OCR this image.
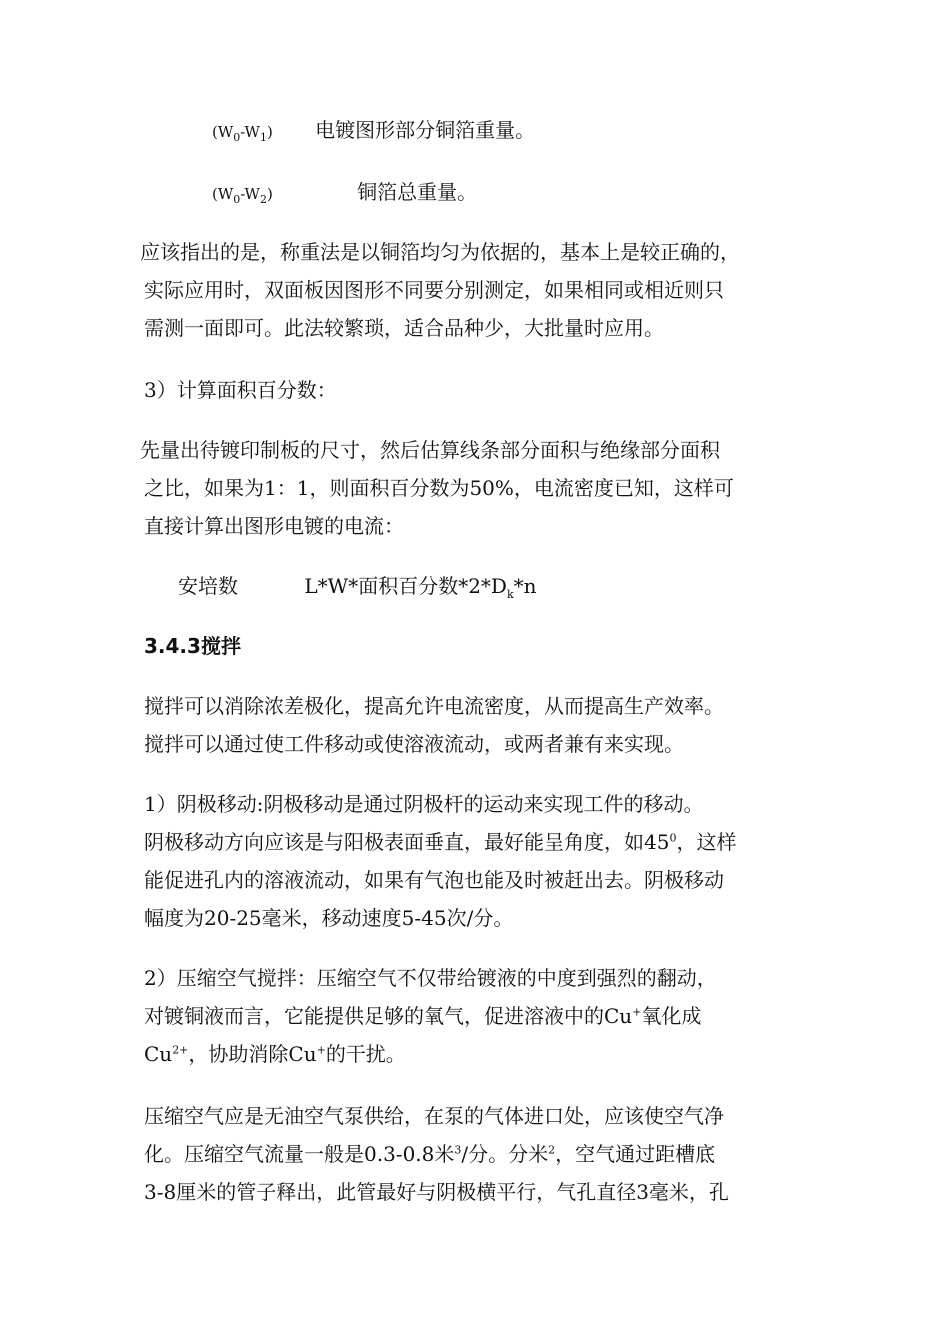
$(W_0-W_1)$ 电镀图形部分铜箔重量。
$(W_0-W_2)$	铜箔总重量。
应该指出的是，称重法是以铜箔均匀为依据的，基本上是较正确的，
实际应用时，双面板因图形不同要分别测定，如果相同或相近则只
需测一面即可。此法较繁琐，适合品种少，大批量时应用。
3）计算面积百分数：
先量出待镀印制板的尺寸，然后估算线条部分面积与绝缘部分面积
之比，如果为1：1，则面积百分数为50%，电流密度已知，这样可
直接计算出图形电镀的电流：
安培数	L*W*面积百分数$*2*D_k*n$
3.4.3搅拌
搅拌可以消除浓差极化，提高允许电流密度，从而提高生产效率。
搅拌可以通过使工件移动或使溶液流动，或两者兼有来实现。
1）阴极移动:阴极移动是通过阴极杆的运动来实现工件的移动。
阴极移动方向应该是与阳极表面垂直，最好能呈角度，如$45^0$，这样
能促进孔内的溶液流动，如果有气泡也能及时被赶出去。阴极移动
幅度为20-25毫米，移动速度5-45次/分。
2）压缩空气搅拌：压缩空气不仅带给镀液的中度到强烈的翻动，
对镀铜液而言，它能提供足够的氧气，促进溶液中的Cu+氧化成
$Cu^{2+}$，协助消除Cu+的干扰。
压缩空气应是无油空气泵供给，在泵的气体进口处，应该使空气净
化。压缩空气流量一般是0.3-0.8米$^3$/分。分米$^2$，空气通过距槽底
3-8厘米的管子释出，此管最好与阴极横平行，气孔直径3毫米，孔
